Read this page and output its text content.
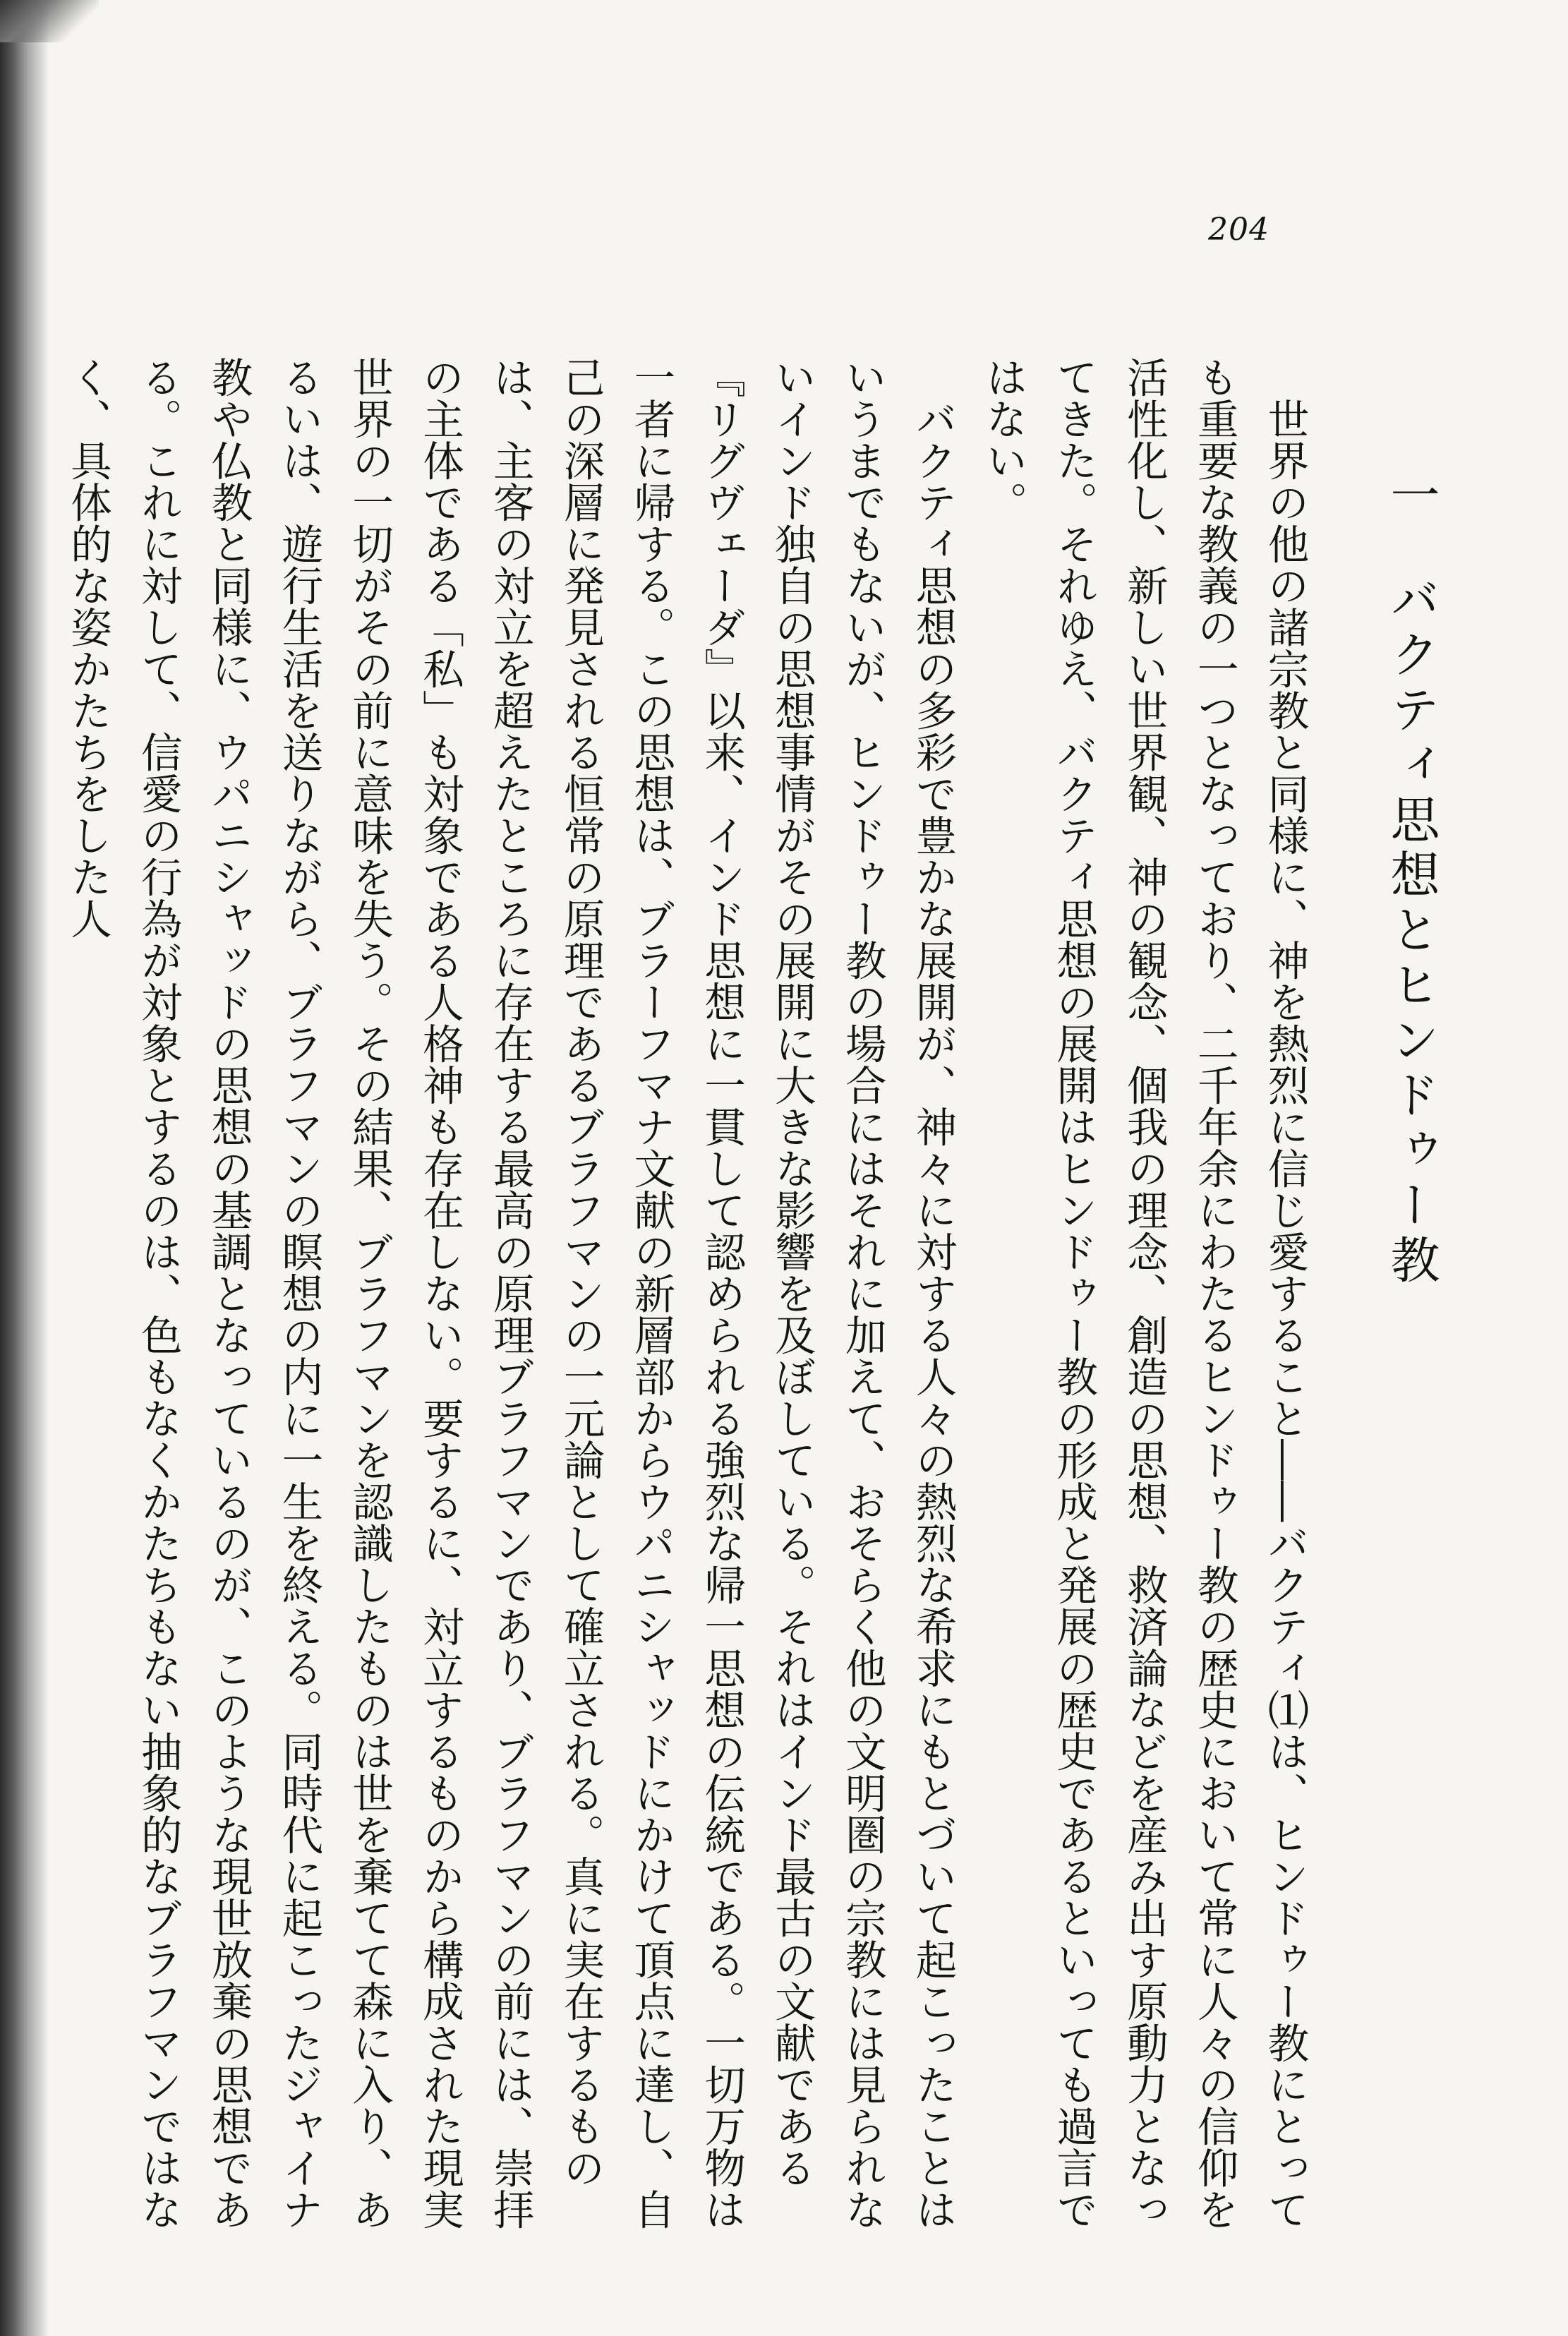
204
一バクティ思想とヒンドゥー教

世界の他の諸宗教と同様に、神を熱烈に信じ愛すること――バクティ⑴は、ヒンドゥー教にとっても重要な教義の一つとなっており、二千年余にわたるヒンドゥー教の歴史において常に人々の信仰を活性化し、新しい世界観、神の観念、個我の理念、創造の思想、救済論などを産み出す原動力となってきた。それゆえ、バクティ思想の展開はヒンドゥー教の形成と発展の歴史であるといっても過言ではない。

バクティ思想の多彩で豊かな展開が、神々に対する人々の熱烈な希求にもとづいて起こったことはいうまでもないが、ヒンドゥー教の場合にはそれに加えて、おそらく他の文明圏の宗教には見られないインド独自の思想事情がその展開に大きな影響を及ぼしている。それはインド最古の文献である『リグヴェーダ』以来、インド思想に一貫して認められる強烈な帰一思想の伝統である。一切万物は一者に帰する。この思想は、ブラーフマナ文献の新層部からウパニシャッドにかけて頂点に達し、自己の深層に発見される恒常の原理であるブラフマンの一元論として確立される。真に実在するものは、主客の対立を超えたところに存在する最高の原理ブラフマンであり、ブラフマンの前には、崇拝の主体である「私」も対象である人格神も存在しない。要するに、対立するものから構成された現実世界の一切がその前に意味を失う。その結果、ブラフマンを認識したものは世を棄てて森に入り、あるいは、遊行生活を送りながら、ブラフマンの瞑想の内に一生を終える。同時代に起こったジャイナ教や仏教と同様に、ウパニシャッドの思想の基調となっているのが、このような現世放棄の思想である。これに対して、信愛の行為が対象とするのは、色もなくかたちもない抽象的なブラフマンではなく、具体的な姿かたちをした人
